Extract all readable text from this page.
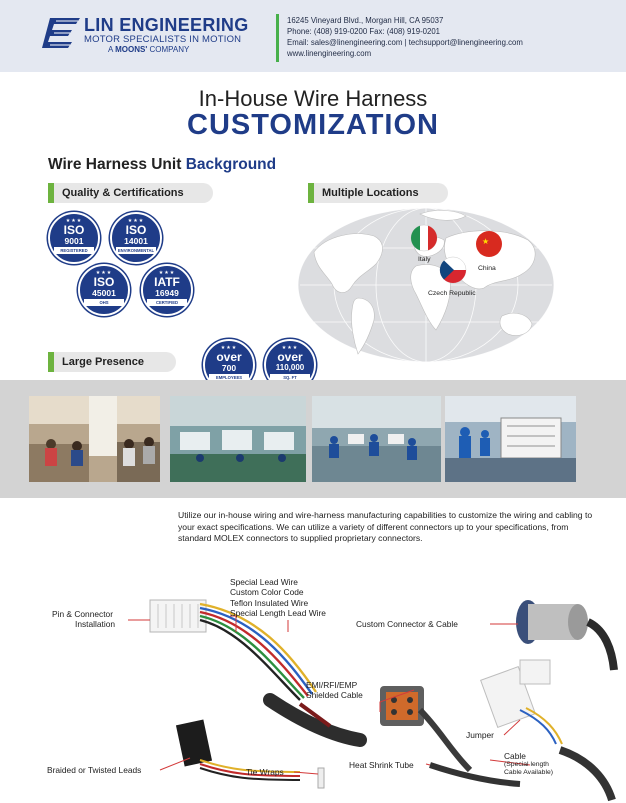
LIN ENGINEERING
MOTOR SPECIALISTS IN MOTION
A MOONS' COMPANY
16245 Vineyard Blvd., Morgan Hill, CA 95037
Phone: (408) 919-0200 Fax: (408) 919-0201
Email: sales@linengineering.com | techsupport@linengineering.com
www.linengineering.com
In-House Wire Harness
CUSTOMIZATION
Wire Harness Unit Background
Quality & Certifications	Multiple Locations
Large Presence
★★★
ISO
9001
REGISTERED
★★★
ISO
14001
ENVIRONMENTAL
★★★
ISO
45001
OHS
★★★
IATF
16949
CERTIFIED
★★★
over
700
EMPLOYEES
★★★
over
110,000
SQ. FT
★
Italy
China
Czech Republic
Utilize our in-house wiring and wire-harness manufacturing capabilities to customize the wiring and cabling to your exact specifications. We can utilize a variety of different connectors up to your specifications, from standard MOLEX connectors to supplied proprietary connectors.
Pin & Connector
Installation
Special Lead Wire
Custom Color Code
Teflon Insulated Wire
Special Length Lead Wire
Custom Connector & Cable
EMI/RFI/EMP
Shielded Cable
Jumper
Cable
(Special length
Cable Available)
Braided or Twisted Leads	Tie Wraps
Heat Shrink Tube
